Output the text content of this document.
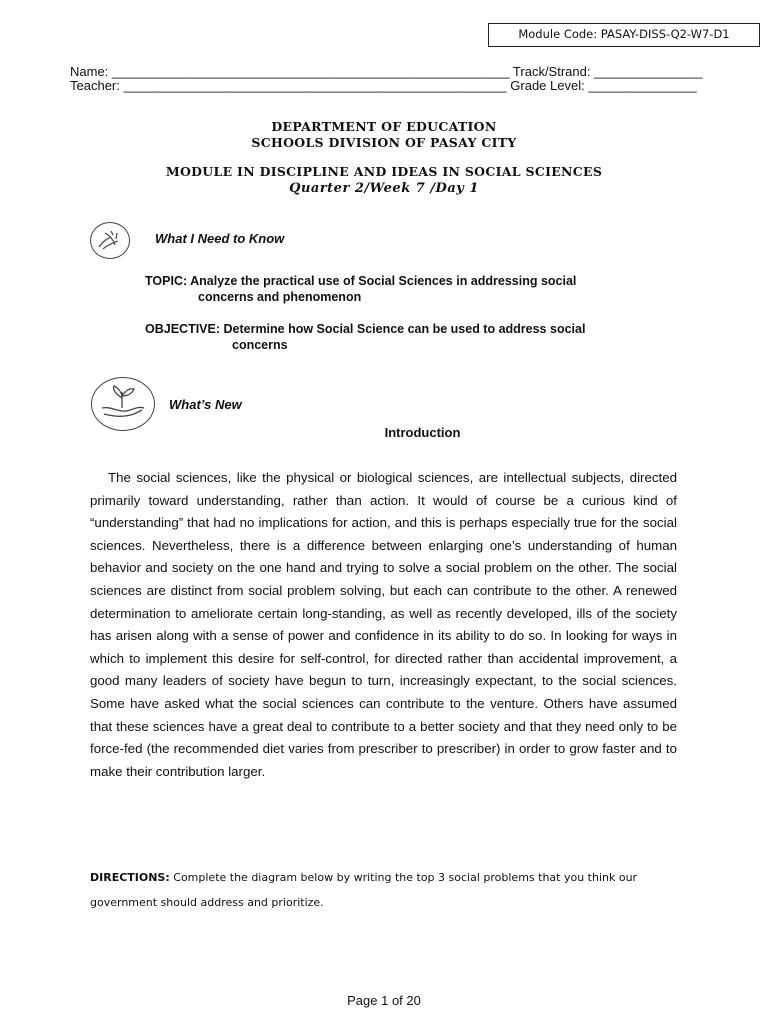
Module Code: PASAY-DISS-Q2-W7-D1
Name: _______________________________________________________ Track/Strand: _______________
Teacher: _____________________________________________________ Grade Level: _______________
DEPARTMENT OF EDUCATION
SCHOOLS DIVISION OF PASAY CITY
MODULE IN DISCIPLINE AND IDEAS IN SOCIAL SCIENCES
Quarter 2/Week 7 /Day 1
What I Need to Know
TOPIC: Analyze the practical use of Social Sciences in addressing social
concerns and phenomenon
OBJECTIVE: Determine how Social Science can be used to address social
concerns
What’s New
Introduction
The social sciences, like the physical or biological sciences, are intellectual subjects, directed primarily toward understanding, rather than action. It would of course be a curious kind of “understanding” that had no implications for action, and this is perhaps especially true for the social sciences. Nevertheless, there is a difference between enlarging one’s understanding of human behavior and society on the one hand and trying to solve a social problem on the other. The social sciences are distinct from social problem solving, but each can contribute to the other. A renewed determination to ameliorate certain long-standing, as well as recently developed, ills of the society has arisen along with a sense of power and confidence in its ability to do so. In looking for ways in which to implement this desire for self-control, for directed rather than accidental improvement, a good many leaders of society have begun to turn, increasingly expectant, to the social sciences. Some have asked what the social sciences can contribute to the venture. Others have assumed that these sciences have a great deal to contribute to a better society and that they need only to be force-fed (the recommended diet varies from prescriber to prescriber) in order to grow faster and to make their contribution larger.
DIRECTIONS: Complete the diagram below by writing the top 3 social problems that you think our government should address and prioritize.
Page 1 of 20
